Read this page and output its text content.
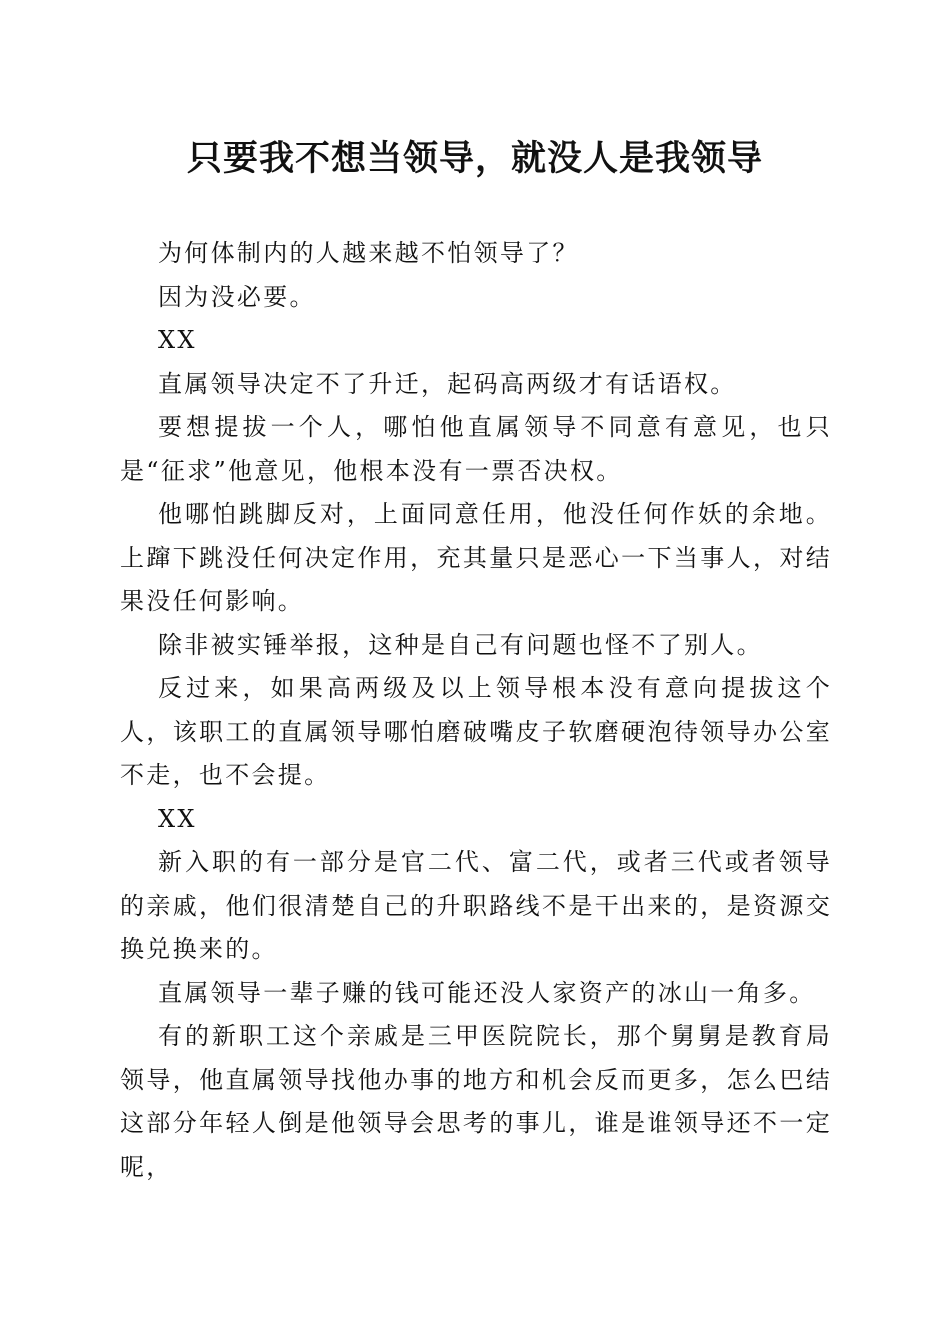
只要我不想当领导，就没人是我领导

为何体制内的人越来越不怕领导了？

因为没必要。

XX

直属领导决定不了升迁，起码高两级才有话语权。

要想提拔一个人，哪怕他直属领导不同意有意见，也只是“征求”他意见，他根本没有一票否决权。

他哪怕跳脚反对，上面同意任用，他没任何作妖的余地。上蹿下跳没任何决定作用，充其量只是恶心一下当事人，对结果没任何影响。

除非被实锤举报，这种是自己有问题也怪不了别人。

反过来，如果高两级及以上领导根本没有意向提拔这个人，该职工的直属领导哪怕磨破嘴皮子软磨硬泡待领导办公室不走，也不会提。

XX

新入职的有一部分是官二代、富二代，或者三代或者领导的亲戚，他们很清楚自己的升职路线不是干出来的，是资源交换兑换来的。

直属领导一辈子赚的钱可能还没人家资产的冰山一角多。

有的新职工这个亲戚是三甲医院院长，那个舅舅是教育局领导，他直属领导找他办事的地方和机会反而更多，怎么巴结这部分年轻人倒是他领导会思考的事儿，谁是谁领导还不一定呢，
